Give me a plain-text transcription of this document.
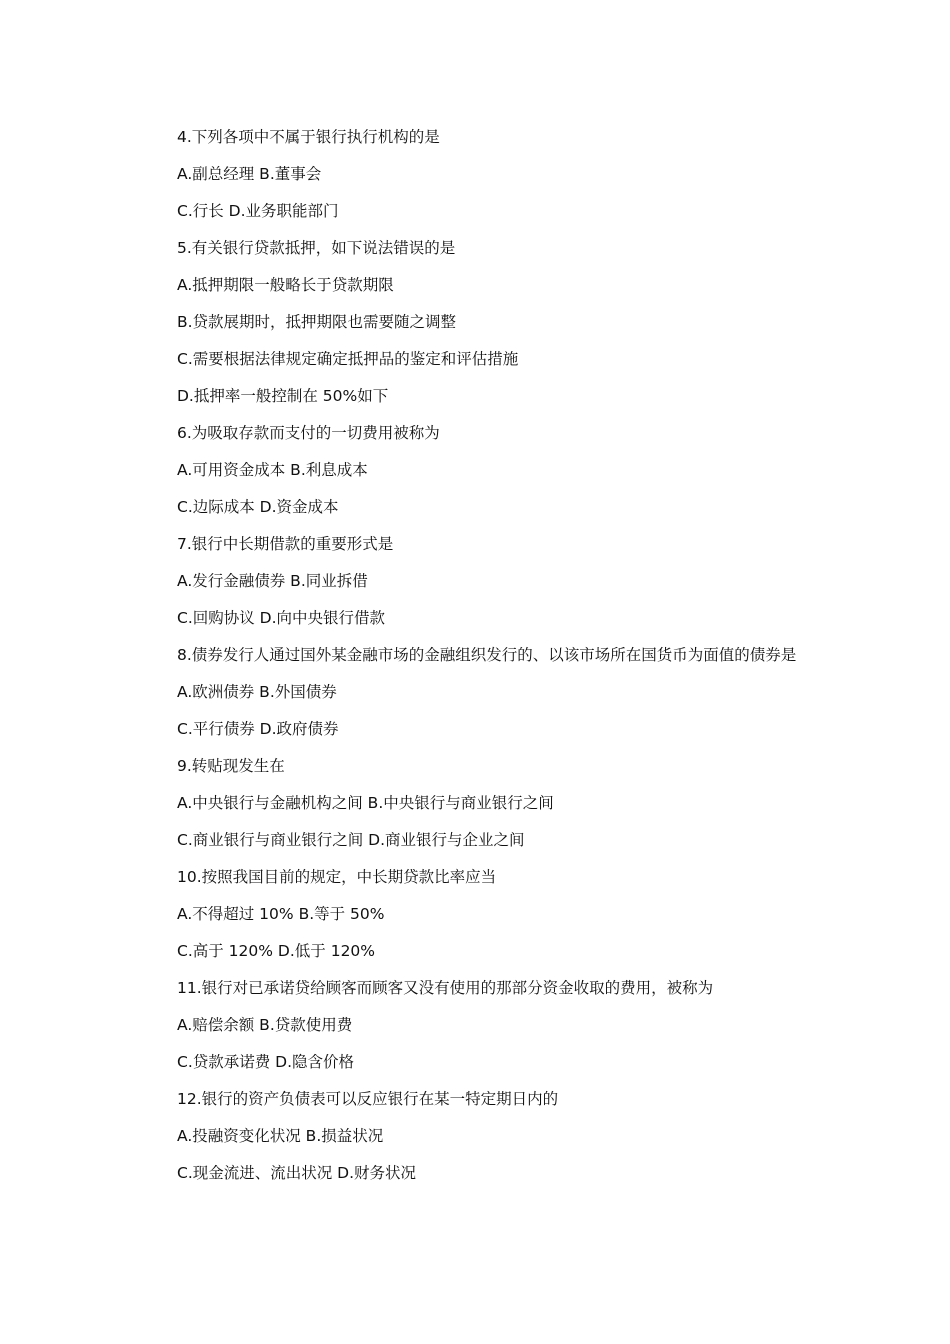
4.下列各项中不属于银行执行机构的是
A.副总经理 B.董事会
C.行长 D.业务职能部门
5.有关银行贷款抵押，如下说法错误的是
A.抵押期限一般略长于贷款期限
B.贷款展期时，抵押期限也需要随之调整
C.需要根据法律规定确定抵押品的鉴定和评估措施
D.抵押率一般控制在 50%如下
6.为吸取存款而支付的一切费用被称为
A.可用资金成本 B.利息成本
C.边际成本 D.资金成本
7.银行中长期借款的重要形式是
A.发行金融债券 B.同业拆借
C.回购协议 D.向中央银行借款
8.债券发行人通过国外某金融市场的金融组织发行的、以该市场所在国货币为面值的债券是
A.欧洲债券 B.外国债券
C.平行债券 D.政府债券
9.转贴现发生在
A.中央银行与金融机构之间 B.中央银行与商业银行之间
C.商业银行与商业银行之间 D.商业银行与企业之间
10.按照我国目前的规定，中长期贷款比率应当
A.不得超过 10% B.等于 50%
C.高于 120% D.低于 120%
11.银行对已承诺贷给顾客而顾客又没有使用的那部分资金收取的费用，被称为
A.赔偿余额 B.贷款使用费
C.贷款承诺费 D.隐含价格
12.银行的资产负债表可以反应银行在某一特定期日内的
A.投融资变化状况 B.损益状况
C.现金流进、流出状况 D.财务状况
